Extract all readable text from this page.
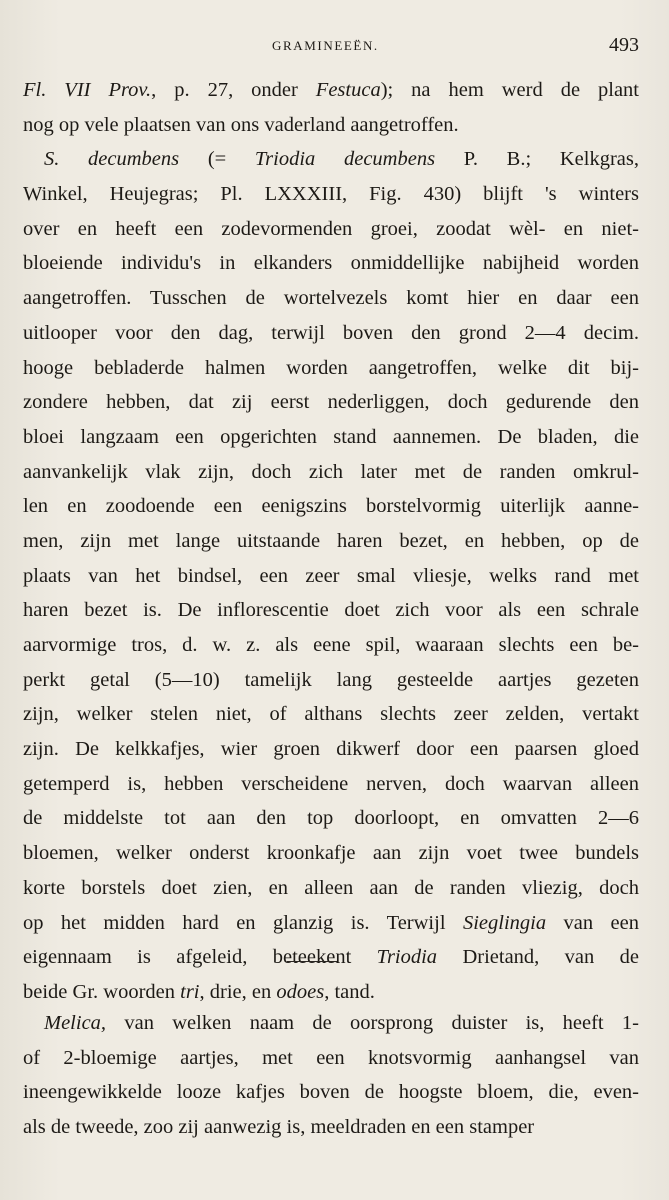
GRAMINEEËN.	493
Fl. VII Prov., p. 27, onder Festuca); na hem werd de plant
nog op vele plaatsen van ons vaderland aangetroffen.
S. decumbens (= Triodia decumbens P. B.; Kelkgras,
Winkel, Heujegras; Pl. LXXXIII, Fig. 430) blijft 's winters
over en heeft een zodevormenden groei, zoodat wèl- en niet-
bloeiende individu's in elkanders onmiddellijke nabijheid worden
aangetroffen. Tusschen de wortelvezels komt hier en daar een
uitlooper voor den dag, terwijl boven den grond 2—4 decim.
hooge bebladerde halmen worden aangetroffen, welke dit bij-
zondere hebben, dat zij eerst nederliggen, doch gedurende den
bloei langzaam een opgerichten stand aannemen. De bladen, die
aanvankelijk vlak zijn, doch zich later met de randen omkrul-
len en zoodoende een eenigszins borstelvormig uiterlijk aanne-
men, zijn met lange uitstaande haren bezet, en hebben, op de
plaats van het bindsel, een zeer smal vliesje, welks rand met
haren bezet is. De inflorescentie doet zich voor als een schrale
aarvormige tros, d. w. z. als eene spil, waaraan slechts een be-
perkt getal (5—10) tamelijk lang gesteelde aartjes gezeten
zijn, welker stelen niet, of althans slechts zeer zelden, vertakt
zijn. De kelkkafjes, wier groen dikwerf door een paarsen gloed
getemperd is, hebben verscheidene nerven, doch waarvan alleen
de middelste tot aan den top doorloopt, en omvatten 2—6
bloemen, welker onderst kroonkafje aan zijn voet twee bundels
korte borstels doet zien, en alleen aan de randen vliezig, doch
op het midden hard en glanzig is. Terwijl Sieglingia van een
eigennaam is afgeleid, beteekent Triodia Drietand, van de
beide Gr. woorden tri, drie, en odoes, tand.
Melica, van welken naam de oorsprong duister is, heeft 1-
of 2-bloemige aartjes, met een knotsvormig aanhangsel van
ineengewikkelde looze kafjes boven de hoogste bloem, die, even-
als de tweede, zoo zij aanwezig is, meeldraden en een stamper
